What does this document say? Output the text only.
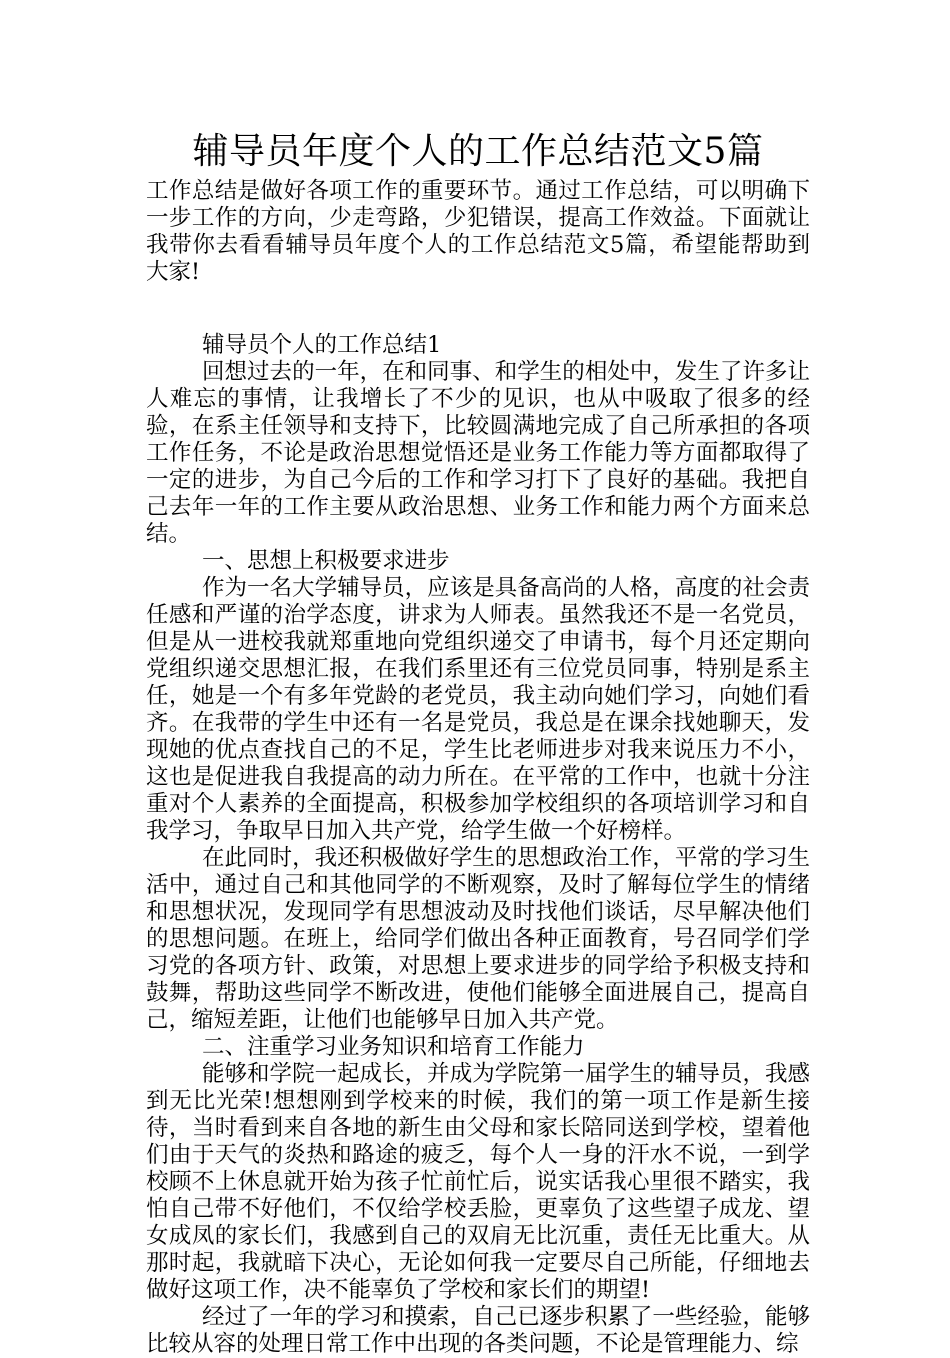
辅导员年度个人的工作总结范文5篇

工作总结是做好各项工作的重要环节。通过工作总结，可以明确下一步工作的方向，少走弯路，少犯错误，提高工作效益。下面就让我带你去看看辅导员年度个人的工作总结范文5篇，希望能帮助到大家!

辅导员个人的工作总结1

回想过去的一年，在和同事、和学生的相处中，发生了许多让人难忘的事情，让我增长了不少的见识，也从中吸取了很多的经验，在系主任领导和支持下，比较圆满地完成了自己所承担的各项工作任务，不论是政治思想觉悟还是业务工作能力等方面都取得了一定的进步，为自己今后的工作和学习打下了良好的基础。我把自己去年一年的工作主要从政治思想、业务工作和能力两个方面来总结。

一、思想上积极要求进步

作为一名大学辅导员，应该是具备高尚的人格，高度的社会责任感和严谨的治学态度，讲求为人师表。虽然我还不是一名党员，但是从一进校我就郑重地向党组织递交了申请书，每个月还定期向党组织递交思想汇报，在我们系里还有三位党员同事，特别是系主任，她是一个有多年党龄的老党员，我主动向她们学习，向她们看齐。在我带的学生中还有一名是党员，我总是在课余找她聊天，发现她的优点查找自己的不足，学生比老师进步对我来说压力不小，这也是促进我自我提高的动力所在。在平常的工作中，也就十分注重对个人素养的全面提高，积极参加学校组织的各项培训学习和自我学习，争取早日加入共产党，给学生做一个好榜样。

在此同时，我还积极做好学生的思想政治工作，平常的学习生活中，通过自己和其他同学的不断观察，及时了解每位学生的情绪和思想状况，发现同学有思想波动及时找他们谈话，尽早解决他们的思想问题。在班上，给同学们做出各种正面教育，号召同学们学习党的各项方针、政策，对思想上要求进步的同学给予积极支持和鼓舞，帮助这些同学不断改进，使他们能够全面进展自己，提高自己，缩短差距，让他们也能够早日加入共产党。

二、注重学习业务知识和培育工作能力

能够和学院一起成长，并成为学院第一届学生的辅导员，我感到无比光荣!想想刚到学校来的时候，我们的第一项工作是新生接待，当时看到来自各地的新生由父母和家长陪同送到学校，望着他们由于天气的炎热和路途的疲乏，每个人一身的汗水不说，一到学校顾不上休息就开始为孩子忙前忙后，说实话我心里很不踏实，我怕自己带不好他们，不仅给学校丢脸，更辜负了这些望子成龙、望女成凤的家长们，我感到自己的双肩无比沉重，责任无比重大。从那时起，我就暗下决心，无论如何我一定要尽自己所能，仔细地去做好这项工作，决不能辜负了学校和家长们的期望!

经过了一年的学习和摸索，自己已逐步积累了一些经验，能够比较从容的处理日常工作中出现的各类问题，不论是管理能力、综
